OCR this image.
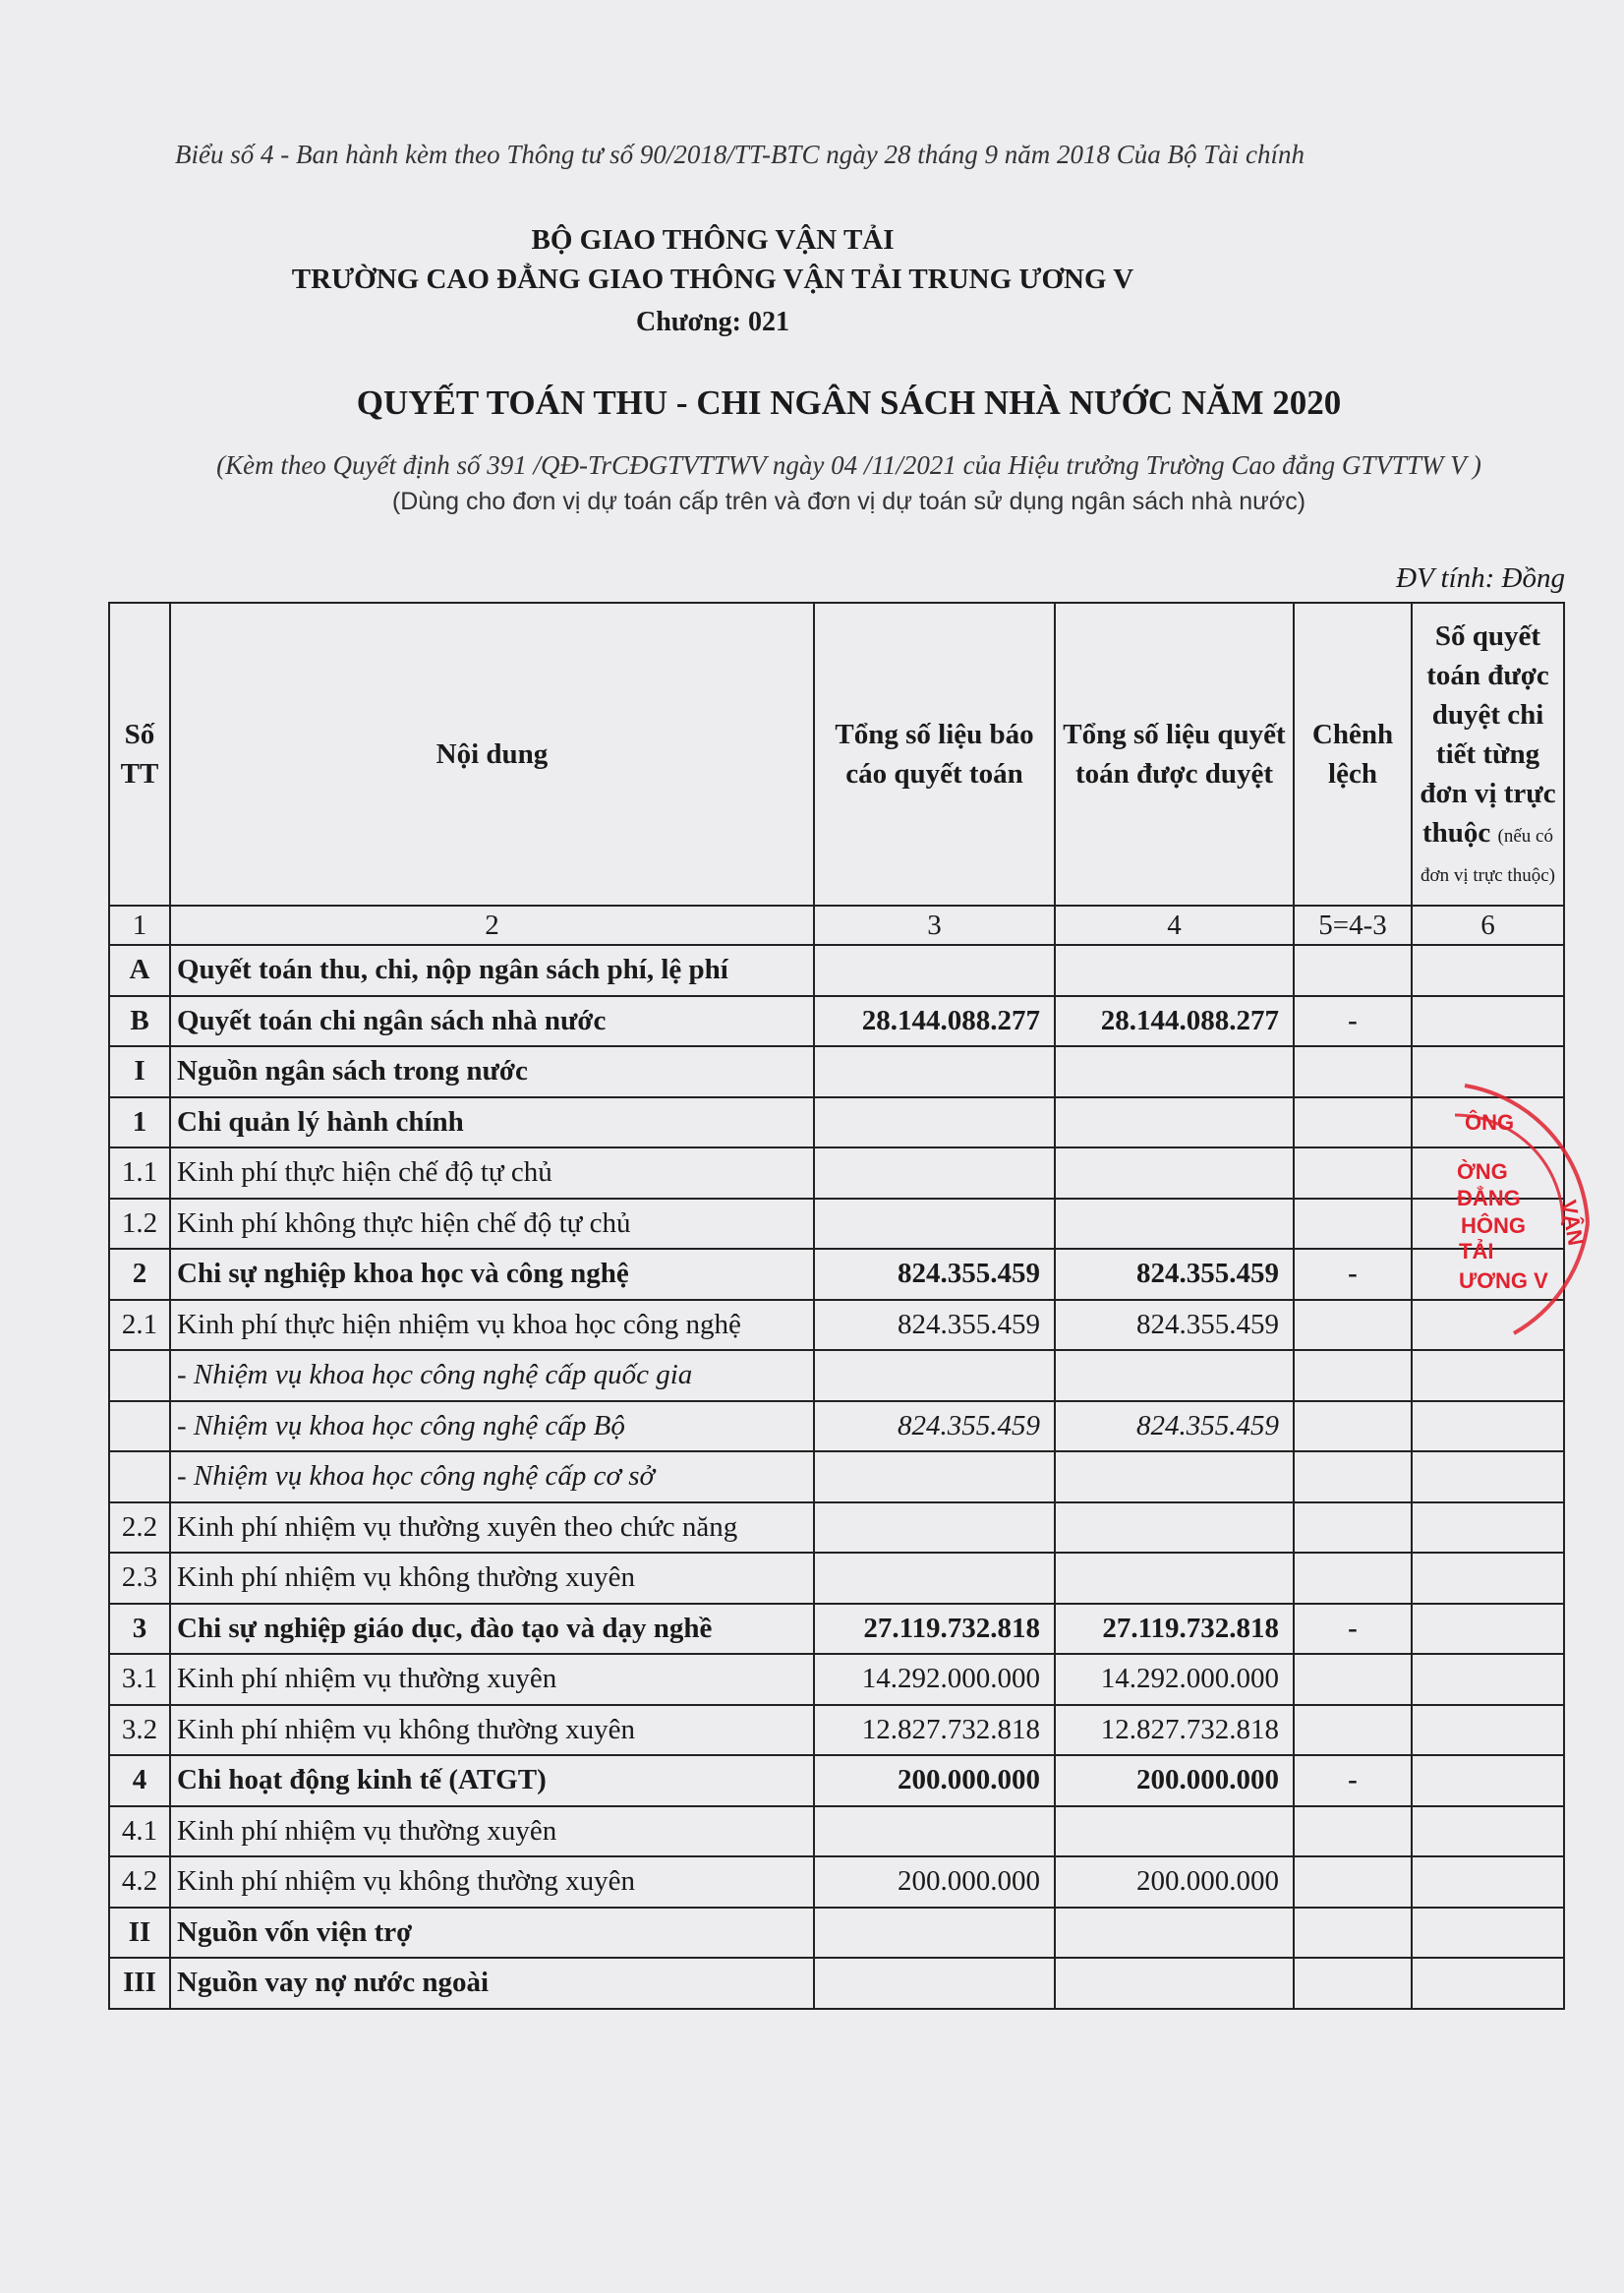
Biểu số 4 - Ban hành kèm theo Thông tư số 90/2018/TT-BTC ngày 28 tháng 9 năm 2018 Của Bộ Tài chính
BỘ GIAO THÔNG VẬN TẢI
TRƯỜNG CAO ĐẲNG GIAO THÔNG VẬN TẢI TRUNG ƯƠNG V
Chương: 021
QUYẾT TOÁN THU - CHI NGÂN SÁCH NHÀ NƯỚC NĂM 2020
(Kèm theo Quyết định số 391 /QĐ-TrCĐGTVTTWV ngày 04 /11/2021 của Hiệu trưởng Trường Cao đẳng GTVTTW V )
(Dùng cho đơn vị dự toán cấp trên và đơn vị dự toán sử dụng ngân sách nhà nước)
ĐV tính: Đồng
Số TT	Nội dung	Tổng số liệu báo cáo quyết toán	Tổng số liệu quyết toán được duyệt	Chênh lệch	Số quyết toán được duyệt chi tiết từng đơn vị trực thuộc (nếu có đơn vị trực thuộc)
1	2	3	4	5=4-3	6
A	Quyết toán thu, chi, nộp ngân sách phí, lệ phí				
B	Quyết toán chi ngân sách nhà nước	28.144.088.277	28.144.088.277	-	
I	Nguồn ngân sách trong nước				
1	Chi quản lý hành chính				
1.1	Kinh phí thực hiện chế độ tự chủ				
1.2	Kinh phí không thực hiện chế độ tự chủ				
2	Chi sự nghiệp khoa học và công nghệ	824.355.459	824.355.459	-	
2.1	Kinh phí thực hiện nhiệm vụ khoa học công nghệ	824.355.459	824.355.459		
	- Nhiệm vụ khoa học công nghệ cấp quốc gia				
	- Nhiệm vụ khoa học công nghệ cấp Bộ	824.355.459	824.355.459		
	- Nhiệm vụ khoa học công nghệ cấp cơ sở				
2.2	Kinh phí nhiệm vụ thường xuyên theo chức năng				
2.3	Kinh phí nhiệm vụ không thường xuyên				
3	Chi sự nghiệp giáo dục, đào tạo và dạy nghề	27.119.732.818	27.119.732.818	-	
3.1	Kinh phí nhiệm vụ thường xuyên	14.292.000.000	14.292.000.000		
3.2	Kinh phí nhiệm vụ không thường xuyên	12.827.732.818	12.827.732.818		
4	Chi hoạt động kinh tế (ATGT)	200.000.000	200.000.000	-	
4.1	Kinh phí nhiệm vụ thường xuyên				
4.2	Kinh phí nhiệm vụ không thường xuyên	200.000.000	200.000.000		
II	Nguồn vốn viện trợ				
III	Nguồn vay nợ nước ngoài				
ÔNG
ỜNG
ĐẲNG
HÔNG
TẢI
ƯƠNG V
VẬN
